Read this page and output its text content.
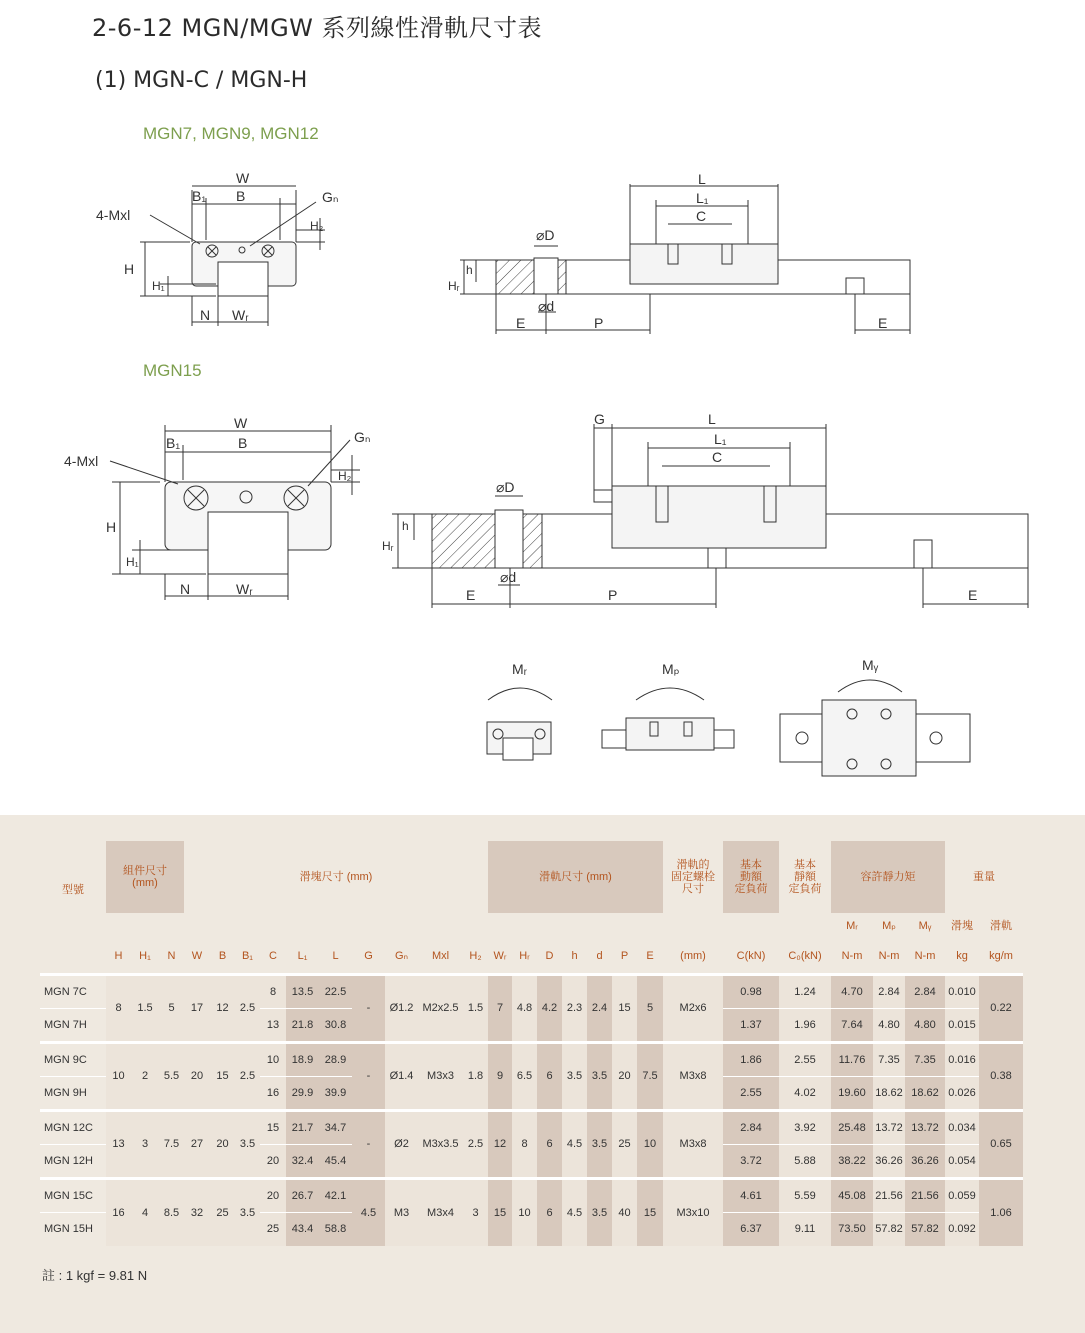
2-6-12 MGN/MGW 系列線性滑軌尺寸表
(1) MGN-C / MGN-H
MGN7, MGN9, MGN12
MGN15
W
B₁ B	Gₙ
4-Mxl
H₂
H
H₁
N Wᵣ
L
L₁
C
⌀D
Hᵣ
h
⌀d
E	P	E
W
B₁	B	Gₙ
4-Mxl
H₂
H
H₁
N	Wᵣ
G	L
L₁
C
⌀D
Hᵣ
h
⌀d
E	P	E
Mᵣ	Mₚ	Mᵧ
型號	組件尺寸
(mm)			滑塊尺寸 (mm)										滑軌尺寸 (mm)							滑軌的
固定螺栓
尺寸	基本
動額
定負荷	基本
靜額
定負荷	容許靜力矩			重量	
																								Mᵣ	Mₚ	Mᵧ	滑塊	滑軌
	H	H₁	N	W	B	B₁	C	L₁	L	G	Gₙ	Mxl	H₂	Wᵣ	Hᵣ	D	h	d	P	E	(mm)	C(kN)	C₀(kN)	N-m	N-m	N-m	kg	kg/m
MGN 7C	8	1.5	5	17	12	2.5	8	13.5	22.5	-	Ø1.2	M2x2.5	1.5	7	4.8	4.2	2.3	2.4	15	5	M2x6	0.98	1.24	4.70	2.84	2.84	0.010	0.22
MGN 7H							13	21.8	30.8													1.37	1.96	7.64	4.80	4.80	0.015	
MGN 9C	10	2	5.5	20	15	2.5	10	18.9	28.9	-	Ø1.4	M3x3	1.8	9	6.5	6	3.5	3.5	20	7.5	M3x8	1.86	2.55	11.76	7.35	7.35	0.016	0.38
MGN 9H							16	29.9	39.9													2.55	4.02	19.60	18.62	18.62	0.026	
MGN 12C	13	3	7.5	27	20	3.5	15	21.7	34.7	-	Ø2	M3x3.5	2.5	12	8	6	4.5	3.5	25	10	M3x8	2.84	3.92	25.48	13.72	13.72	0.034	0.65
MGN 12H							20	32.4	45.4													3.72	5.88	38.22	36.26	36.26	0.054	
MGN 15C	16	4	8.5	32	25	3.5	20	26.7	42.1	4.5	M3	M3x4	3	15	10	6	4.5	3.5	40	15	M3x10	4.61	5.59	45.08	21.56	21.56	0.059	1.06
MGN 15H							25	43.4	58.8													6.37	9.11	73.50	57.82	57.82	0.092	
註 : 1 kgf = 9.81 N
